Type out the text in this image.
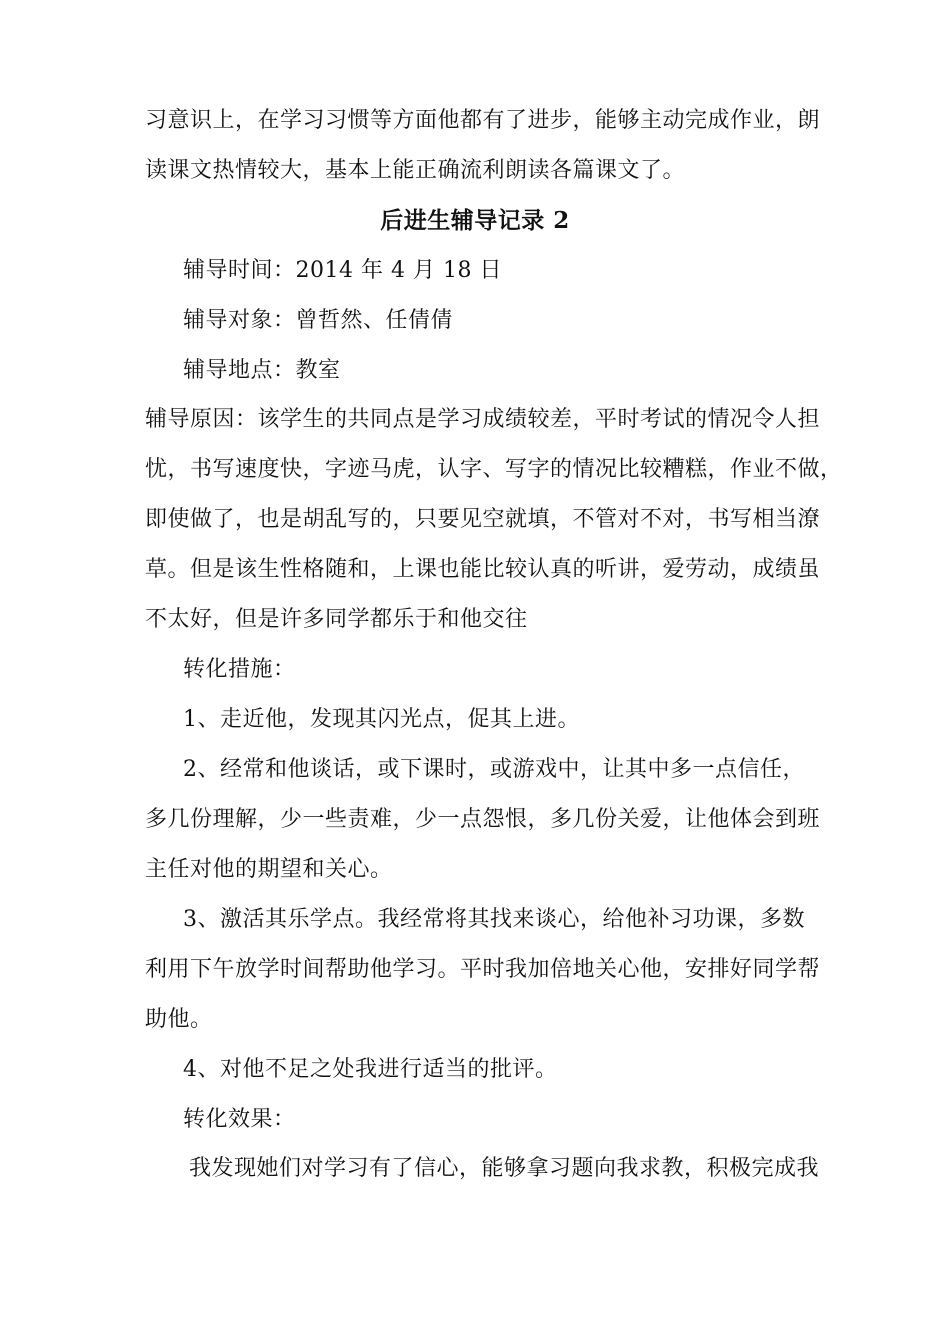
习意识上，在学习习惯等方面他都有了进步，能够主动完成作业，朗
读课文热情较大，基本上能正确流利朗读各篇课文了。
后进生辅导记录 2
辅导时间：2014 年 4 月 18 日
辅导对象：曾哲然、任倩倩
辅导地点：教室
辅导原因：该学生的共同点是学习成绩较差，平时考试的情况令人担
忧，书写速度快，字迹马虎，认字、写字的情况比较糟糕，作业不做，
即使做了，也是胡乱写的，只要见空就填，不管对不对，书写相当潦
草。但是该生性格随和，上课也能比较认真的听讲，爱劳动，成绩虽
不太好，但是许多同学都乐于和他交往
转化措施：
1、走近他，发现其闪光点，促其上进。
2、经常和他谈话，或下课时，或游戏中，让其中多一点信任，
多几份理解，少一些责难，少一点怨恨，多几份关爱，让他体会到班
主任对他的期望和关心。
3、激活其乐学点。我经常将其找来谈心，给他补习功课，多数
利用下午放学时间帮助他学习。平时我加倍地关心他，安排好同学帮
助他。
4、对他不足之处我进行适当的批评。
转化效果：
我发现她们对学习有了信心，能够拿习题向我求教，积极完成我
